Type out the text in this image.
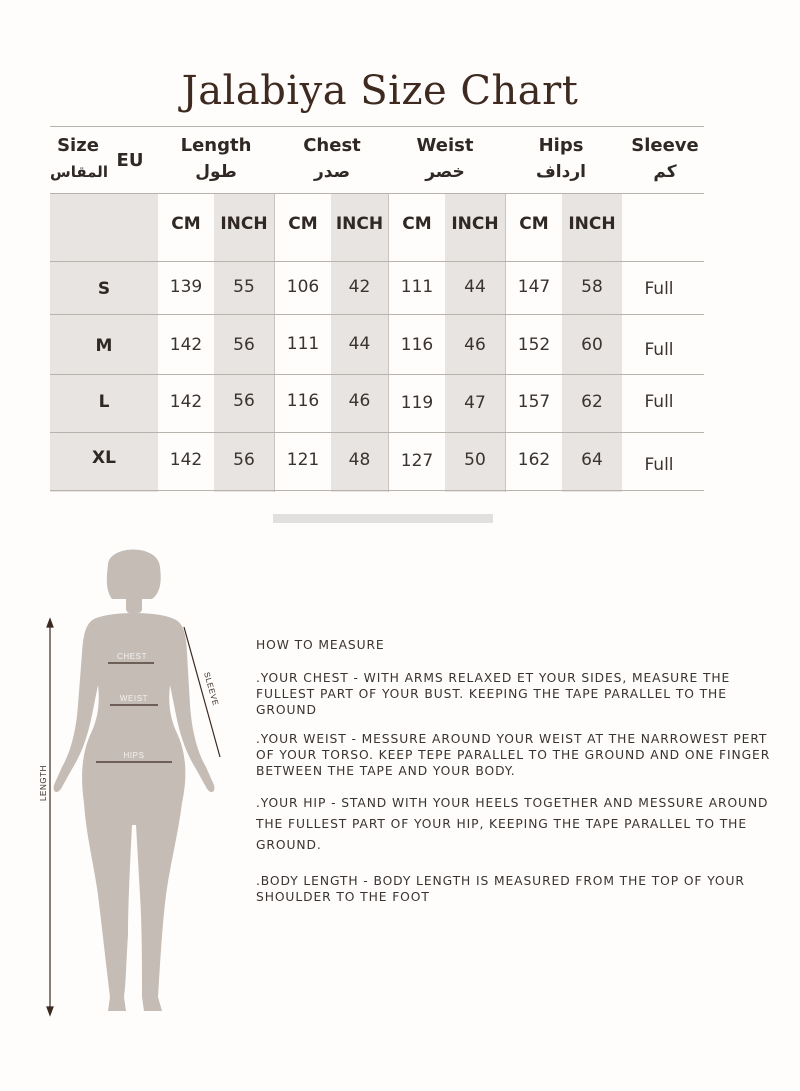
Jalabiya Size Chart
Size
المقاس
EU
Length
طول
Chest
صدر
Weist
خصر
Hips
ارداف
Sleeve
كم
CM	INCH	CM	INCH	CM	INCH	CM	INCH
S	139	55	106	42	111	44	147	58	Full
M	142	56	111	44	116	46	152	60	Full
L	142	56	116	46	119	47	157	62	Full
XL	142	56	121	48	127	50	162	64	Full
CHEST
WEIST
HIPS
SLEEVE
LENGTH

HOW TO MEASURE

.YOUR CHEST - WITH ARMS RELAXED ET YOUR SIDES, MEASURE THE FULLEST PART OF YOUR BUST. KEEPING THE TAPE PARALLEL TO THE GROUND

.YOUR WEIST - MESSURE AROUND YOUR WEIST AT THE NARROWEST PERT OF YOUR TORSO. KEEP TEPE PARALLEL TO THE GROUND AND ONE FINGER BETWEEN THE TAPE AND YOUR BODY.

.YOUR HIP - STAND WITH YOUR HEELS TOGETHER AND MESSURE AROUND THE FULLEST PART OF YOUR HIP, KEEPING THE TAPE PARALLEL TO THE GROUND.

.BODY LENGTH - BODY LENGTH IS MEASURED FROM THE TOP OF YOUR SHOULDER TO THE FOOT
